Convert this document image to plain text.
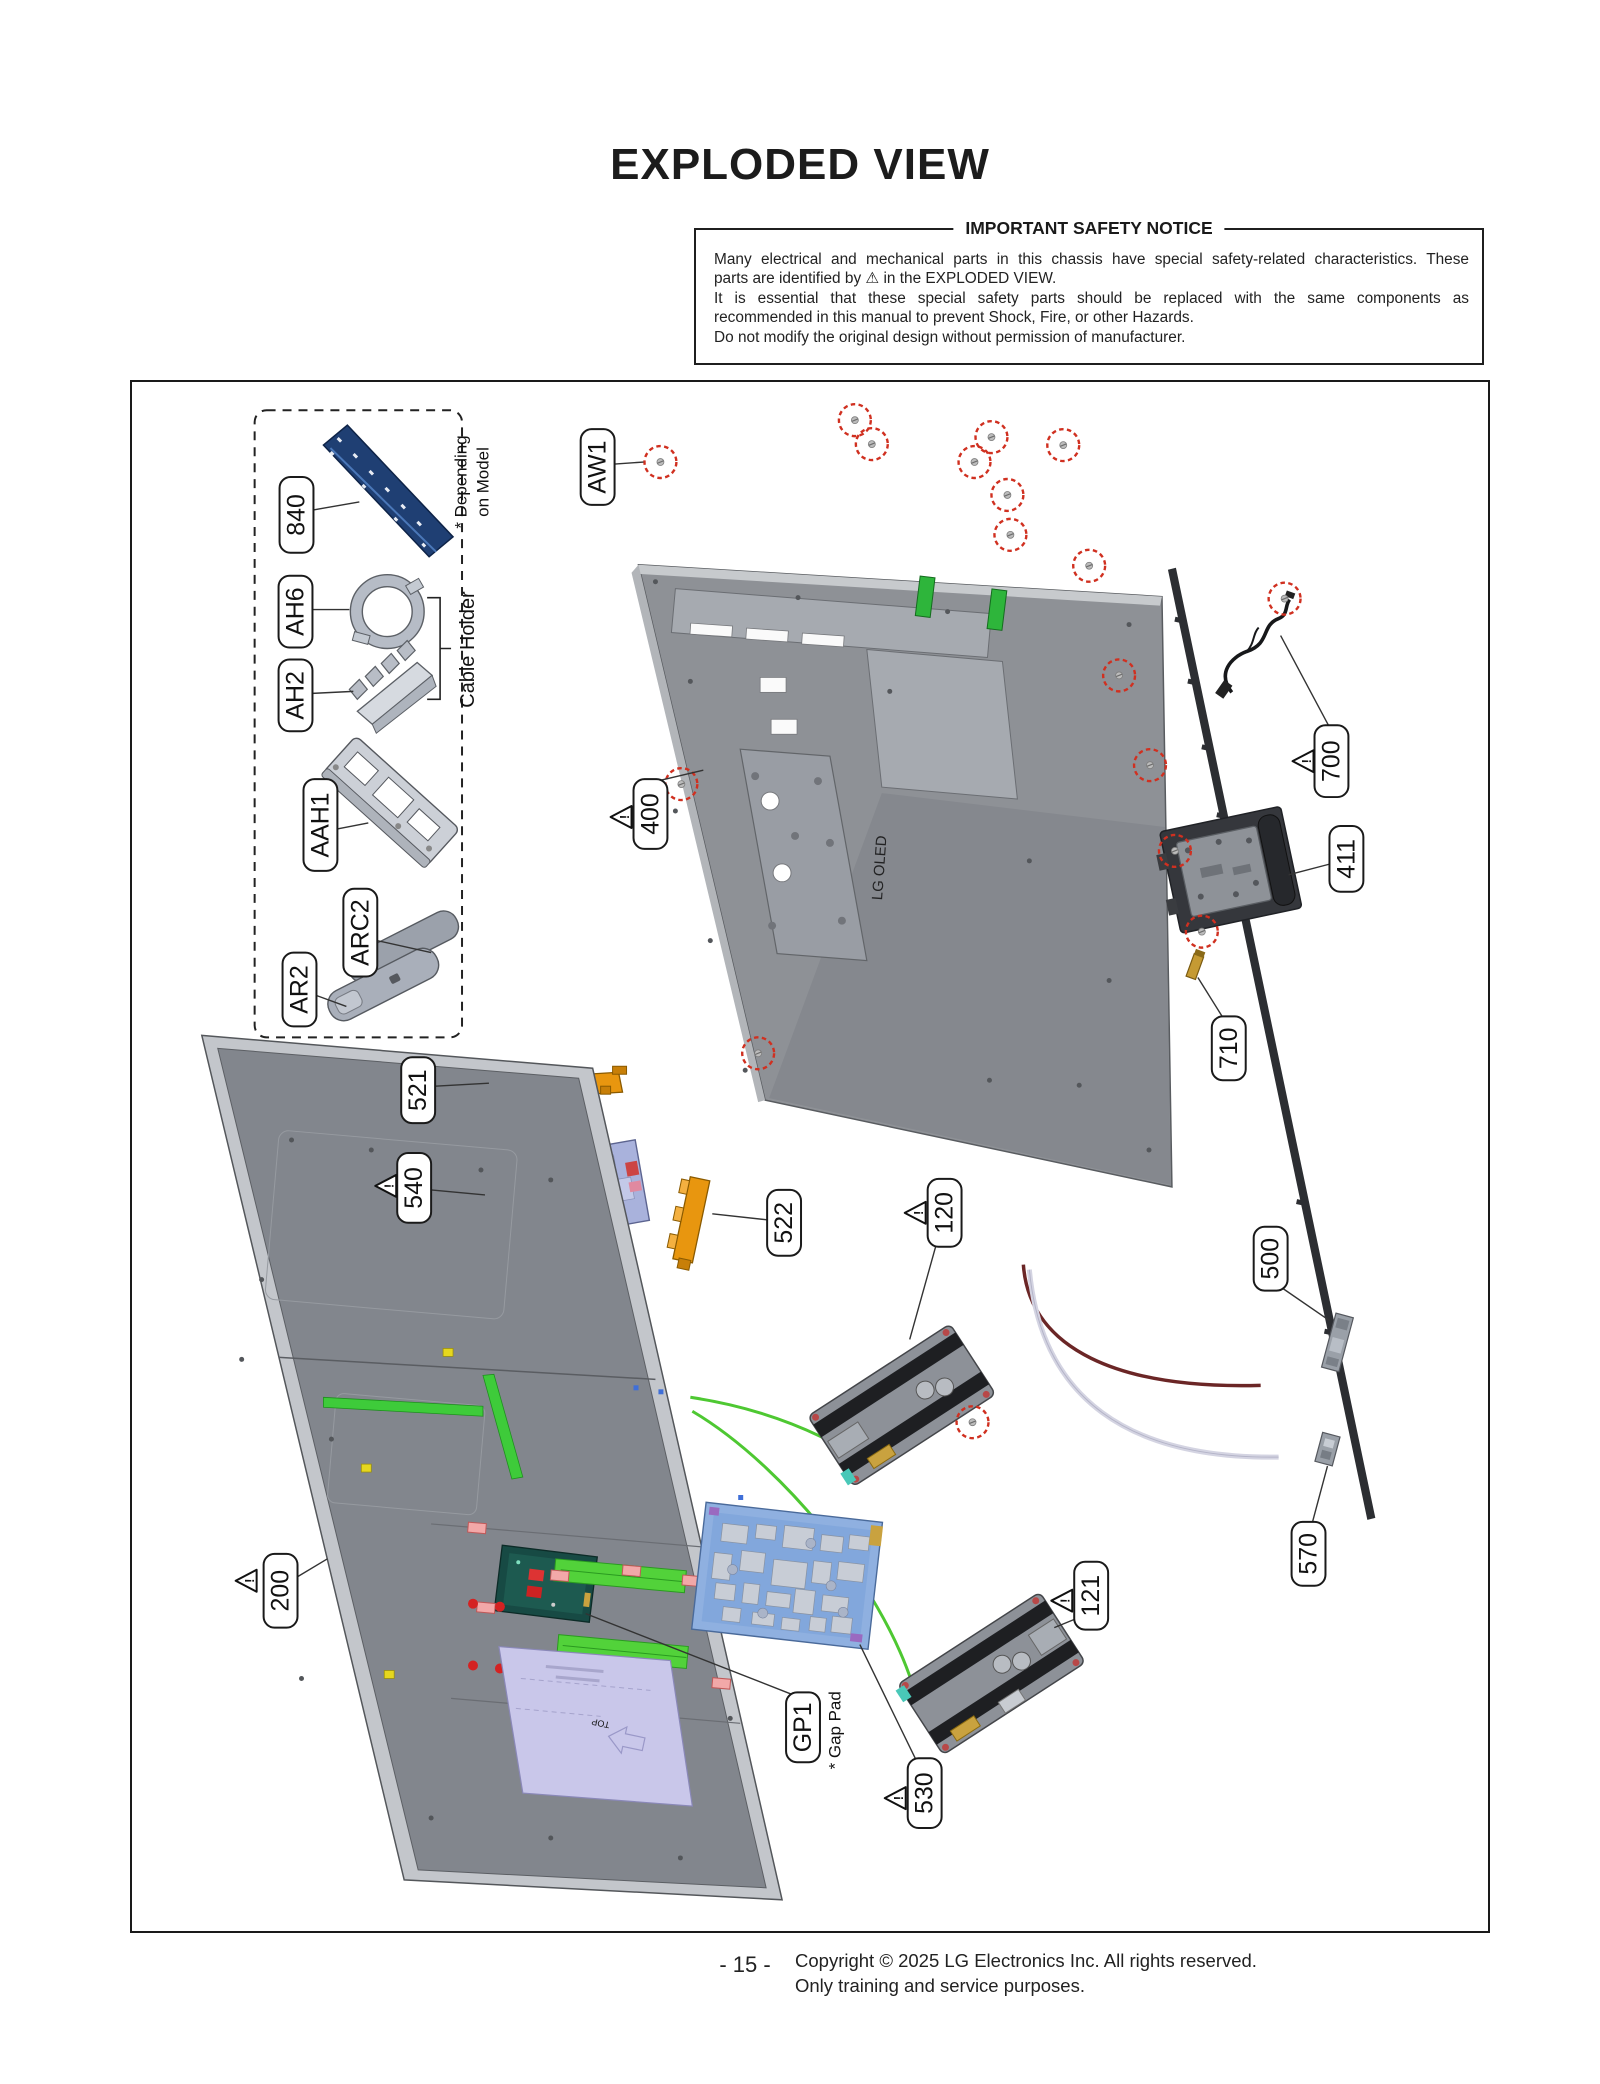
EXPLODED VIEW
IMPORTANT SAFETY NOTICE
Many electrical and mechanical parts in this chassis have special safety-related characteristics. These
parts are identified by ⚠ in the EXPLODED VIEW.
It is essential that these special safety parts should be replaced with the same components as
recommended in this manual to prevent Shock, Fire, or other Hazards.
Do not modify the original design without permission of manufacturer.
LG OLED
TOP
* Depending on Model
Cable Holder
* Gap Pad
840
AH6
AH2
AAH1
ARC2
AR2
AW1
400
!
700
!
411
710
521
540
!
522	120
!
500
570
121
!
200
!
GP1
530
!
- 15 -	Copyright © 2025 LG Electronics Inc. All rights reserved.
Only training and service purposes.
